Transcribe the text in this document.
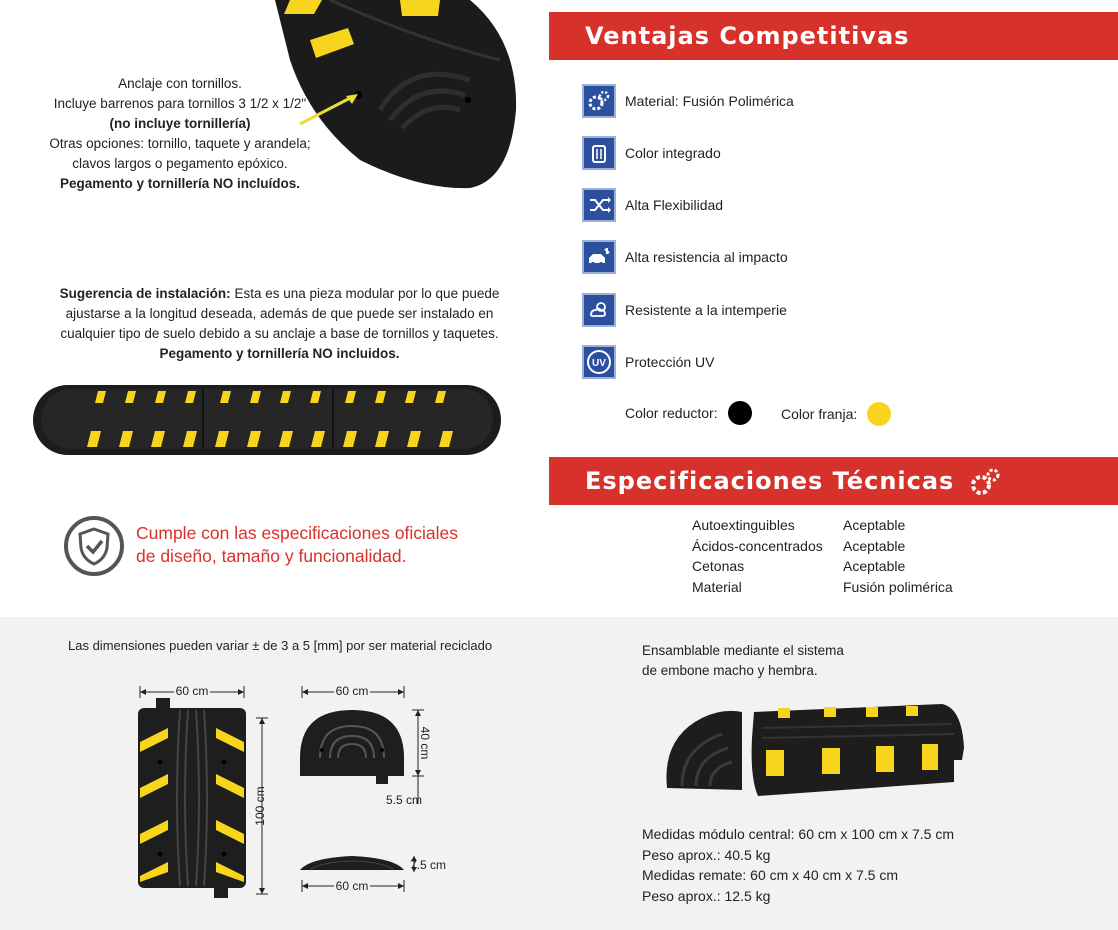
Anclaje con tornillos.
Incluye barrenos para tornillos 3 1/2 x 1/2"
(no incluye tornillería)
Otras opciones: tornillo, taquete y arandela;
clavos largos o pegamento epóxico.
Pegamento y tornillería NO incluídos.
Sugerencia de instalación: Esta es una pieza modular por lo que puede ajustarse a la longitud deseada, además de que puede ser instalado en cualquier tipo de suelo debido a su anclaje a base de tornillos y taquetes.
Pegamento y tornillería NO incluidos.
Cumple con las especificaciones oficiales
de diseño, tamaño y funcionalidad.
Ventajas Competitivas
Material: Fusión Polimérica
Color integrado
Alta Flexibilidad
Alta resistencia al impacto
Resistente a la intemperie
UV Protección UV
Color reductor:	Color franja:
Especificaciones Técnicas
Autoextinguibles	Aceptable
Ácidos-concentrados Aceptable
Cetonas	Aceptable
Material	Fusión polimérica
Las dimensiones pueden variar ± de 3 a 5 [mm] por ser material reciclado
60 cm
100 cm
60 cm
40 cm
5.5 cm
7.5 cm
60 cm
Ensamblable mediante el sistema
de embone macho y hembra.
Medidas módulo central: 60 cm x 100 cm x 7.5 cm
Peso aprox.: 40.5 kg
Medidas remate: 60 cm x 40 cm x 7.5 cm
Peso aprox.: 12.5 kg
